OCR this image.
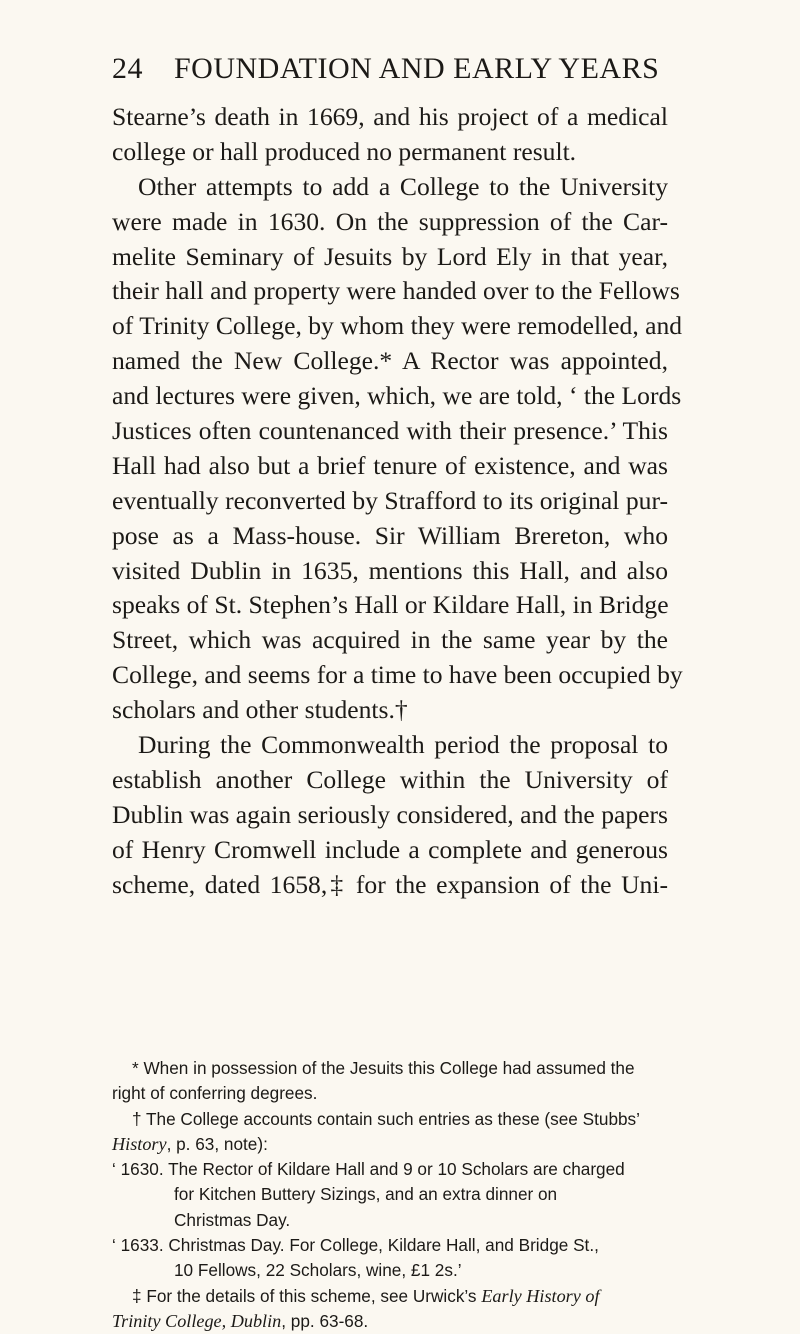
24 FOUNDATION AND EARLY YEARS
Stearne’s death in 1669, and his project of a medical
college or hall produced no permanent result.
Other attempts to add a College to the University
were made in 1630. On the suppression of the Car-
melite Seminary of Jesuits by Lord Ely in that year,
their hall and property were handed over to the Fellows
of Trinity College, by whom they were remodelled, and
named the New College.* A Rector was appointed,
and lectures were given, which, we are told, ‘ the Lords
Justices often countenanced with their presence.’ This
Hall had also but a brief tenure of existence, and was
eventually reconverted by Strafford to its original pur-
pose as a Mass-house. Sir William Brereton, who
visited Dublin in 1635, mentions this Hall, and also
speaks of St. Stephen’s Hall or Kildare Hall, in Bridge
Street, which was acquired in the same year by the
College, and seems for a time to have been occupied by
scholars and other students.†
During the Commonwealth period the proposal to
establish another College within the University of
Dublin was again seriously considered, and the papers
of Henry Cromwell include a complete and generous
scheme, dated 1658,‡ for the expansion of the Uni-
* When in possession of the Jesuits this College had assumed the
right of conferring degrees.
† The College accounts contain such entries as these (see Stubbs’
History, p. 63, note):
‘ 1630. The Rector of Kildare Hall and 9 or 10 Scholars are charged
for Kitchen Buttery Sizings, and an extra dinner on
Christmas Day.
‘ 1633. Christmas Day. For College, Kildare Hall, and Bridge St.,
10 Fellows, 22 Scholars, wine, £1 2s.’
‡ For the details of this scheme, see Urwick’s Early History of
Trinity College, Dublin, pp. 63-68.
